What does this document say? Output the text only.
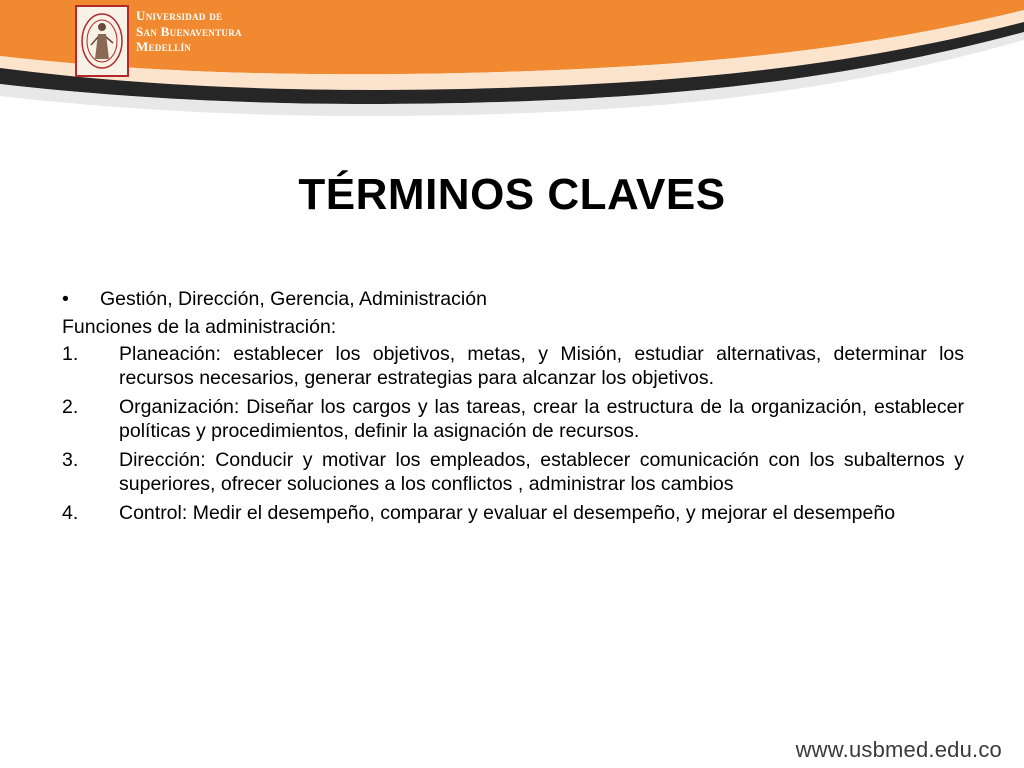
Universidad de
San Buenaventura
Medellín
TÉRMINOS CLAVES
•	Gestión, Dirección, Gerencia, Administración
Funciones de la administración:
1.	Planeación: establecer los objetivos, metas, y Misión, estudiar alternativas, determinar los recursos necesarios, generar estrategias para alcanzar los objetivos.
2.	Organización: Diseñar los cargos y las tareas, crear la estructura de la organización, establecer políticas y procedimientos, definir la asignación de recursos.
3.	Dirección: Conducir y motivar los empleados, establecer comunicación con los subalternos y superiores, ofrecer soluciones a los conflictos , administrar los cambios
4.	Control: Medir el desempeño, comparar y evaluar el desempeño, y mejorar el desempeño
www.usbmed.edu.co
